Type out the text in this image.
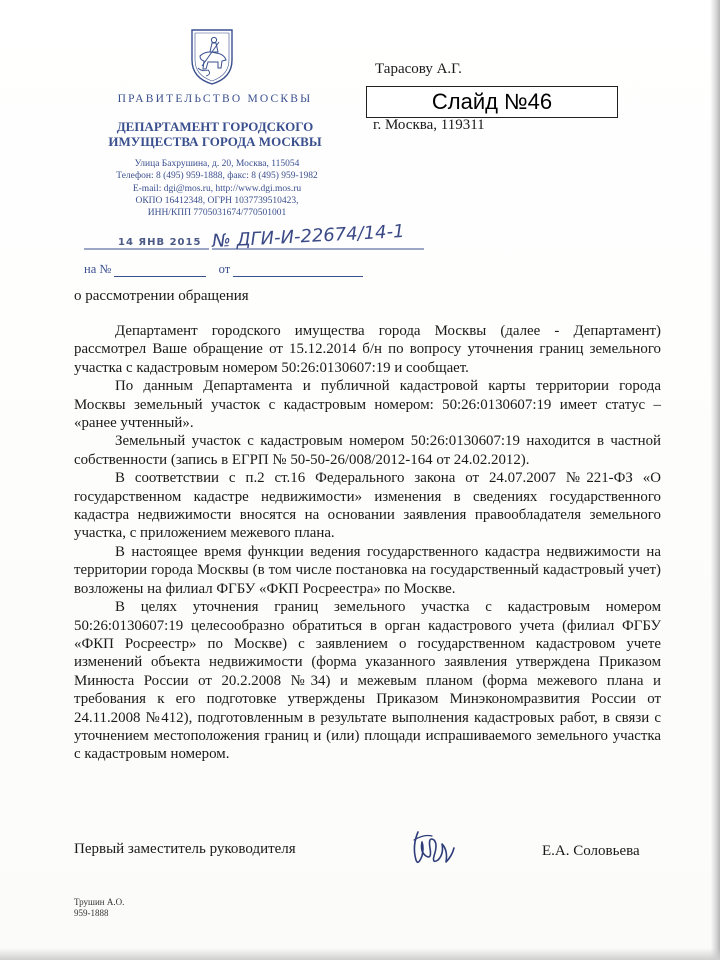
ПРАВИТЕЛЬСТВО МОСКВЫ
ДЕПАРТАМЕНТ ГОРОДСКОГО
ИМУЩЕСТВА ГОРОДА МОСКВЫ
Улица Бахрушина, д. 20, Москва, 115054
Телефон: 8 (495) 959-1888, факс: 8 (495) 959-1982
E-mail: dgi@mos.ru, http://www.dgi.mos.ru
ОКПО 16412348, ОГРН 1037739510423,
ИНН/КПП 7705031674/770501001
14 ЯНВ 2015 № ДГИ-И-22674/14-1
на №	от
Тарасову А.Г.
Слайд №46
г. Москва, 119311
о рассмотрении обращения

Департамент городского имущества города Москвы (далее - Департамент) рассмотрел Ваше обращение от 15.12.2014 б/н по вопросу уточнения границ земельного участка с кадастровым номером 50:26:0130607:19 и сообщает.

По данным Департамента и публичной кадастровой карты территории города Москвы земельный участок с кадастровым номером: 50:26:0130607:19 имеет статус – «ранее учтенный».

Земельный участок с кадастровым номером 50:26:0130607:19 находится в частной собственности (запись в ЕГРП № 50-50-26/008/2012-164 от 24.02.2012).

В соответствии с п.2 ст.16 Федерального закона от 24.07.2007 №221-ФЗ «О государственном кадастре недвижимости» изменения в сведениях государственного кадастра недвижимости вносятся на основании заявления правообладателя земельного участка, с приложением межевого плана.

В настоящее время функции ведения государственного кадастра недвижимости на территории города Москвы (в том числе постановка на государственный кадастровый учет) возложены на филиал ФГБУ «ФКП Росреестра» по Москве.

В целях уточнения границ земельного участка с кадастровым номером 50:26:0130607:19 целесообразно обратиться в орган кадастрового учета (филиал ФГБУ «ФКП Росреестр» по Москве) с заявлением о государственном кадастровом учете изменений объекта недвижимости (форма указанного заявления утверждена Приказом Минюста России от 20.2.2008 №34) и межевым планом (форма межевого плана и требования к его подготовке утверждены Приказом Минэкономразвития России от 24.11.2008 №412), подготовленным в результате выполнения кадастровых работ, в связи с уточнением местоположения границ и (или) площади испрашиваемого земельного участка с кадастровым номером.

Первый заместитель руководителя	Е.А. Соловьева
Трушин А.О.
959-1888
